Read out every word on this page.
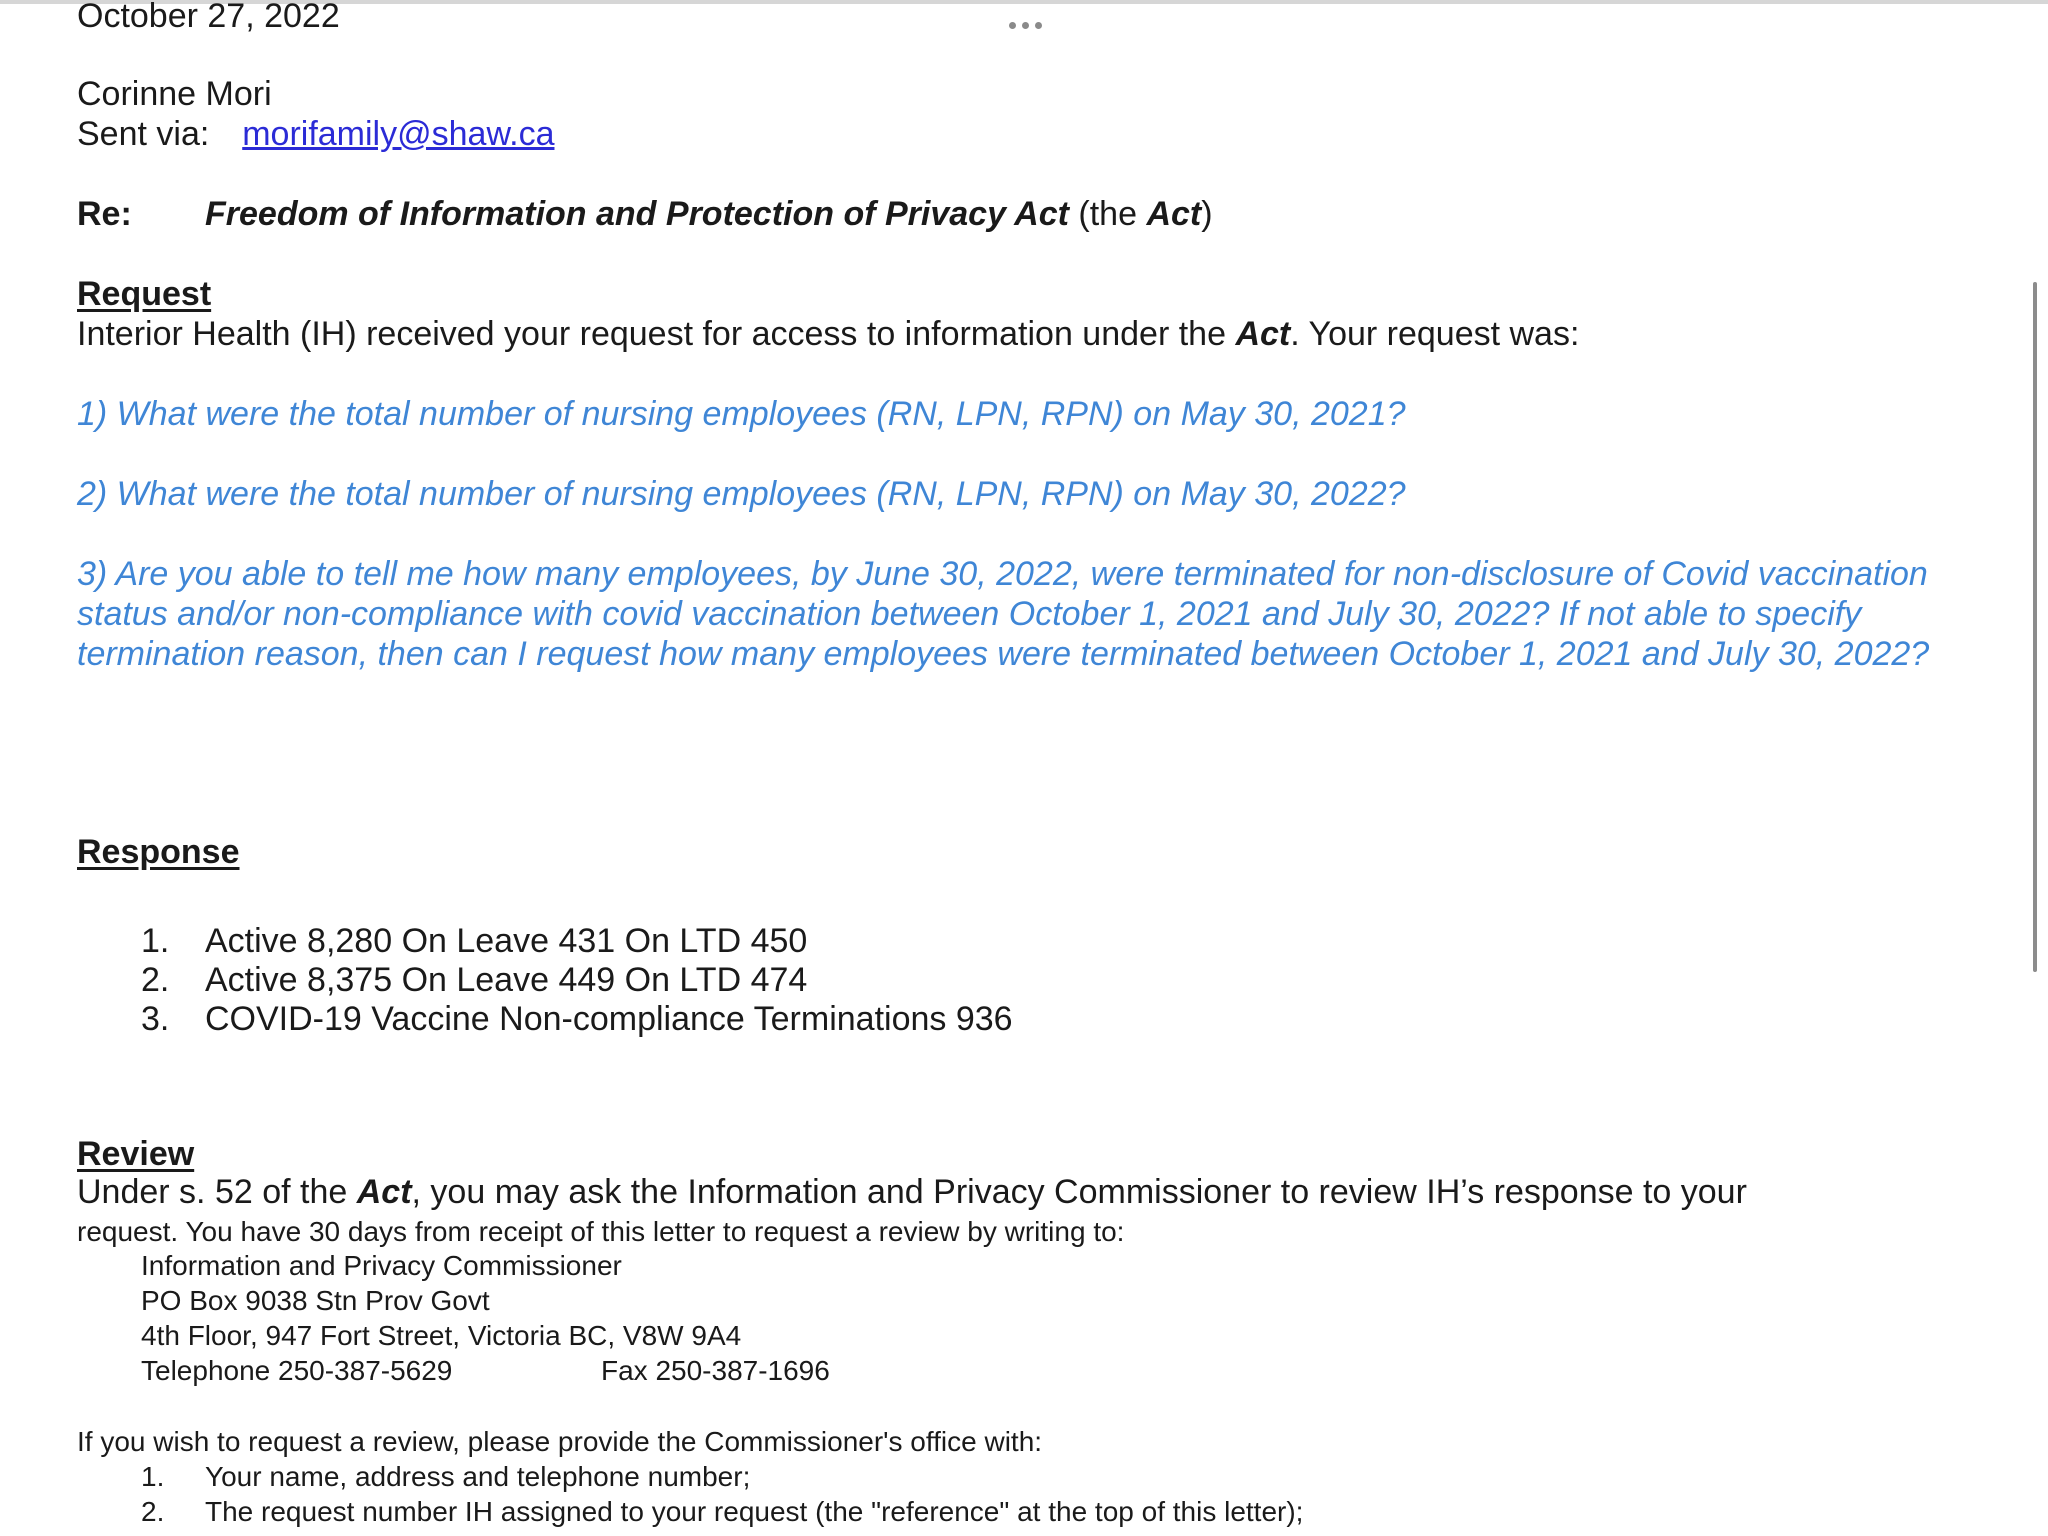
October 27, 2022
Corinne Mori
Sent via: morifamily@shaw.ca
Re: Freedom of Information and Protection of Privacy Act (the Act)
Request
Interior Health (IH) received your request for access to information under the Act. Your request was:
1) What were the total number of nursing employees (RN, LPN, RPN) on May 30, 2021?
2) What were the total number of nursing employees (RN, LPN, RPN) on May 30, 2022?
3) Are you able to tell me how many employees, by June 30, 2022, were terminated for non-disclosure of Covid vaccination status and/or non-compliance with covid vaccination between October 1, 2021 and July 30, 2022? If not able to specify termination reason, then can I request how many employees were terminated between October 1, 2021 and July 30, 2022?
Response
1. Active 8,280 On Leave 431 On LTD 450
2. Active 8,375 On Leave 449 On LTD 474
3. COVID-19 Vaccine Non-compliance Terminations 936
Review
Under s. 52 of the Act, you may ask the Information and Privacy Commissioner to review IH’s response to your
request. You have 30 days from receipt of this letter to request a review by writing to:
Information and Privacy Commissioner
PO Box 9038 Stn Prov Govt
4th Floor, 947 Fort Street, Victoria BC, V8W 9A4
Telephone 250-387-5629	Fax 250-387-1696
If you wish to request a review, please provide the Commissioner's office with:
1. Your name, address and telephone number;
2. The request number IH assigned to your request (the "reference" at the top of this letter);
